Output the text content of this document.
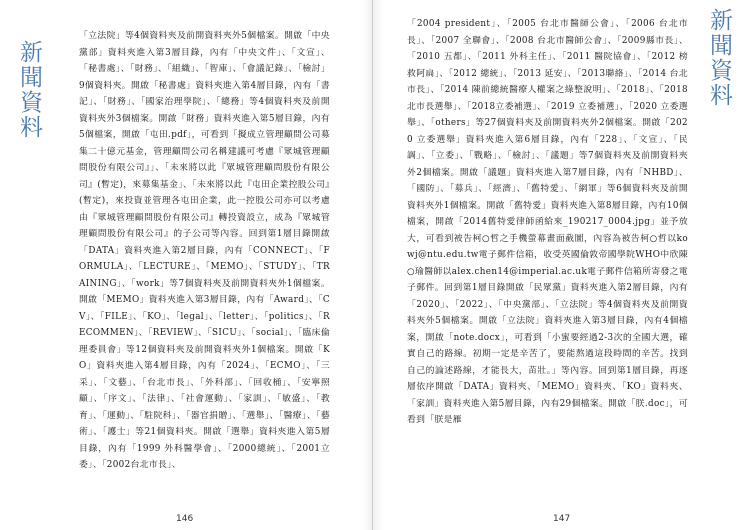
新聞資料
「立法院」等4個資料夾及前開資料夾外5個檔案。開啟「中央黨部」資料夾進入第3層目錄，內有「中央文件」、「文宣」、「秘書處」、「財務」、「組織」、「智庫」、「會議記錄」、「檢討」9個資料夾。開啟「秘書處」資料夾進入第4層目錄，內有「書記」、「財務」、「國家治理學院」、「總務」等4個資料夾及前開資料夾外3個檔案。開啟「財務」資料夾進入第5層目錄，內有5個檔案，開啟「屯田.pdf」，可看到「擬成立管理顧問公司募集二十億元基金，管理顧問公司名稱建議可考慮『眾城管理顧問股份有限公司』」、「未來將以此『眾城管理顧問股份有限公司』(暫定)，來募集基金」、「未來將以此『屯田企業控股公司』(暫定)，來投資並管理各屯田企業，此一控股公司亦可以考慮由『眾城管理顧問股份有限公司』轉投資設立，成為『眾城管理顧問股份有限公司』的子公司等內容。回到第1層目錄開啟「DATA」資料夾進入第2層目錄，內有「CONNECT」、「FORMULA」、「LECTURE」、「MEMO」、「STUDY」、「TRAINING」、「work」等7個資料夾及前開資料夾外1個檔案。開啟「MEMO」資料夾進入第3層目錄，內有「Award」、「CV」、「FILE」、「KO」、「legal」、「letter」、「politics」、「RECOMMEN」、「REVIEW」、「SICU」、「social」、「臨床倫理委員會」等12個資料夾及前開資料夾外1個檔案。開啟「KO」資料夾進入第4層目錄，內有「2024」、「ECMO」、「三采」、「文藝」、「台北市長」、「外科部」、「回收桶」、「安寧照顧」、「序文」、「法律」、「社會運動」、「家訓」、「敏盛」、「教育」、「運動」、「駐院科」、「器官捐贈」、「選舉」、「醫療」、「藝術」、「護士」等21個資料夾。開啟「選舉」資料夾進入第5層目錄，內有「1999 外科醫學會」、「2000總統」、「2001立委」、「2002台北市長」、
146
新聞資料
「2004 president」、「2005 台北市醫師公會」、「2006 台北市長」、「2007 全聯會」、「2008 台北市醫師公會」、「2009縣市長」、「2010 五都」、「2011 外科主任」、「2011 醫院協會」、「2012 榜救阿扁」、「2012 總統」、「2013 延安」、「2013聯絡」、「2014 台北市長」、「2014 陳前總統醫療人權案之綠整說明」、「2018」、「2018 北市長選舉」、「2018立委補選」、「2019 立委補選」、「2020 立委選舉」、「others」等27個資料夾及前開資料夾外2個檔案。開啟「2020 立委選舉」資料夾進入第6層目錄，內有「228」、「文宣」、「民調」、「立委」、「戰略」、「檢討」、「議題」等7個資料夾及前開資料夾外2個檔案。開啟「議題」資料夾進入第7層目錄，內有「NHBD」、「國防」、「募兵」、「經濟」、「舊特愛」、「網軍」等6個資料夾及前開資料夾外1個檔案。開啟「舊特愛」資料夾進入第8層目錄，內有10個檔案，開啟「2014舊特愛律師函給來_190217_0004.jpg」並予放大，可看到被告柯○哲之手機螢幕畫面截圖，內容為被告柯○哲以kowj@ntu.edu.tw電子郵件信箱，收受英國倫敦帝國學院WHO中欣陳○瑜醫師以alex.chen14@imperial.ac.uk電子郵件信箱所寄發之電子郵件。回到第1層目錄開啟「民眾黨」資料夾進入第2層目錄，內有「2020」、「2022」、「中央黨部」、「立法院」等4個資料夾及前開資料夾外5個檔案。開啟「立法院」資料夾進入第3層目錄，內有4個檔案，開啟「note.docx」，可看到「小蜜要經過2-3次的全國大選，確實自己的路線。初期一定是辛苦了，要能熬過這段時間的辛苦。找到自己的論述路線，才能長大，苗壯。」等內容。回到第1層目錄，再逐層依序開啟「DATA」資料夾、「MEMO」資料夾、「KO」資料夾、「家訓」資料夾進入第5層目錄，內有29個檔案。開啟「朕.doc」，可看到「朕是雁
147
